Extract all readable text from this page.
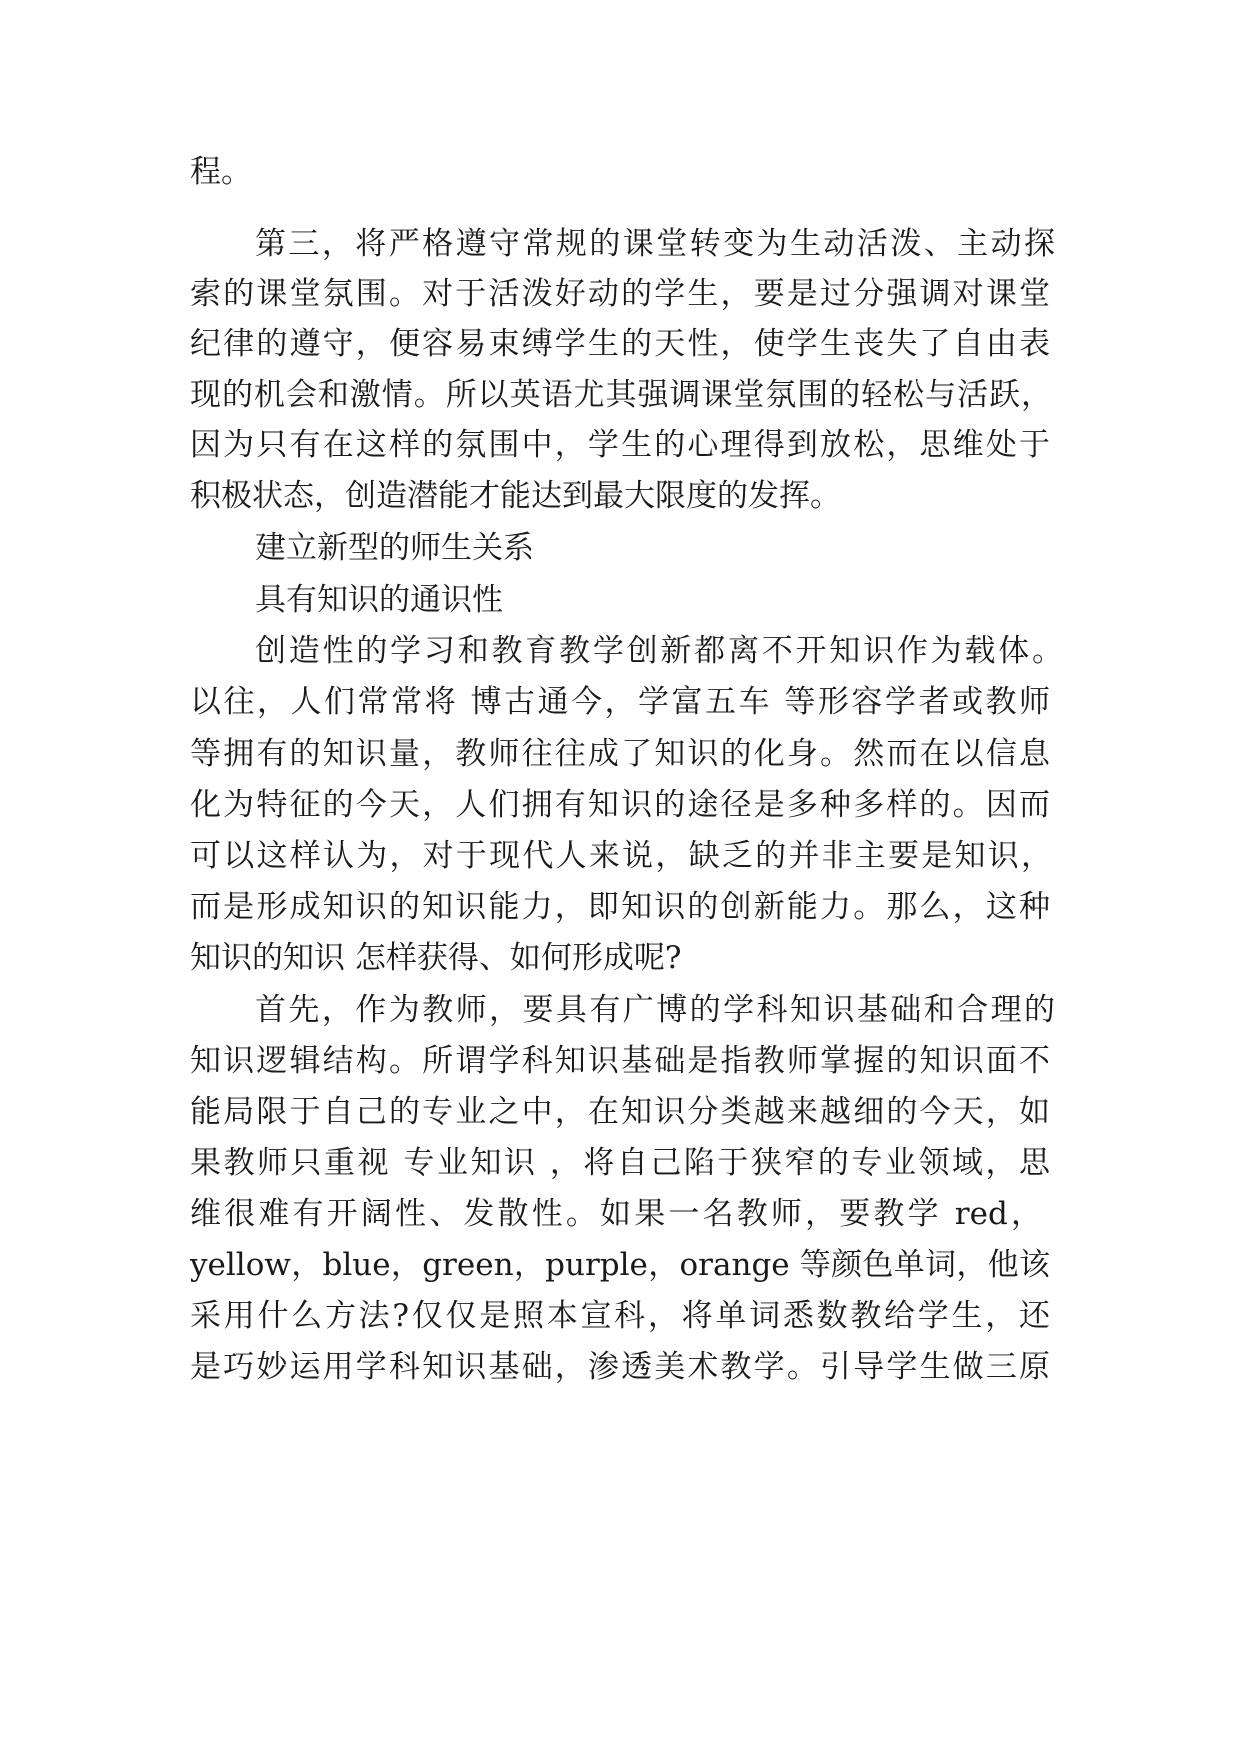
程。
第三，将严格遵守常规的课堂转变为生动活泼、主动探
索的课堂氛围。对于活泼好动的学生，要是过分强调对课堂
纪律的遵守，便容易束缚学生的天性，使学生丧失了自由表
现的机会和激情。所以英语尤其强调课堂氛围的轻松与活跃，
因为只有在这样的氛围中，学生的心理得到放松，思维处于
积极状态，创造潜能才能达到最大限度的发挥。
建立新型的师生关系
具有知识的通识性
创造性的学习和教育教学创新都离不开知识作为载体。
以往，人们常常将 博古通今，学富五车 等形容学者或教师
等拥有的知识量，教师往往成了知识的化身。然而在以信息
化为特征的今天，人们拥有知识的途径是多种多样的。因而
可以这样认为，对于现代人来说，缺乏的并非主要是知识，
而是形成知识的知识能力，即知识的创新能力。那么，这种
知识的知识 怎样获得、如何形成呢?
首先，作为教师，要具有广博的学科知识基础和合理的
知识逻辑结构。所谓学科知识基础是指教师掌握的知识面不
能局限于自己的专业之中，在知识分类越来越细的今天，如
果教师只重视 专业知识 ，将自己陷于狭窄的专业领域，思
维很难有开阔性、发散性。如果一名教师，要教学 red，
yellow，blue，green，purple，orange 等颜色单词，他该
采用什么方法?仅仅是照本宣科，将单词悉数教给学生，还
是巧妙运用学科知识基础，渗透美术教学。引导学生做三原
